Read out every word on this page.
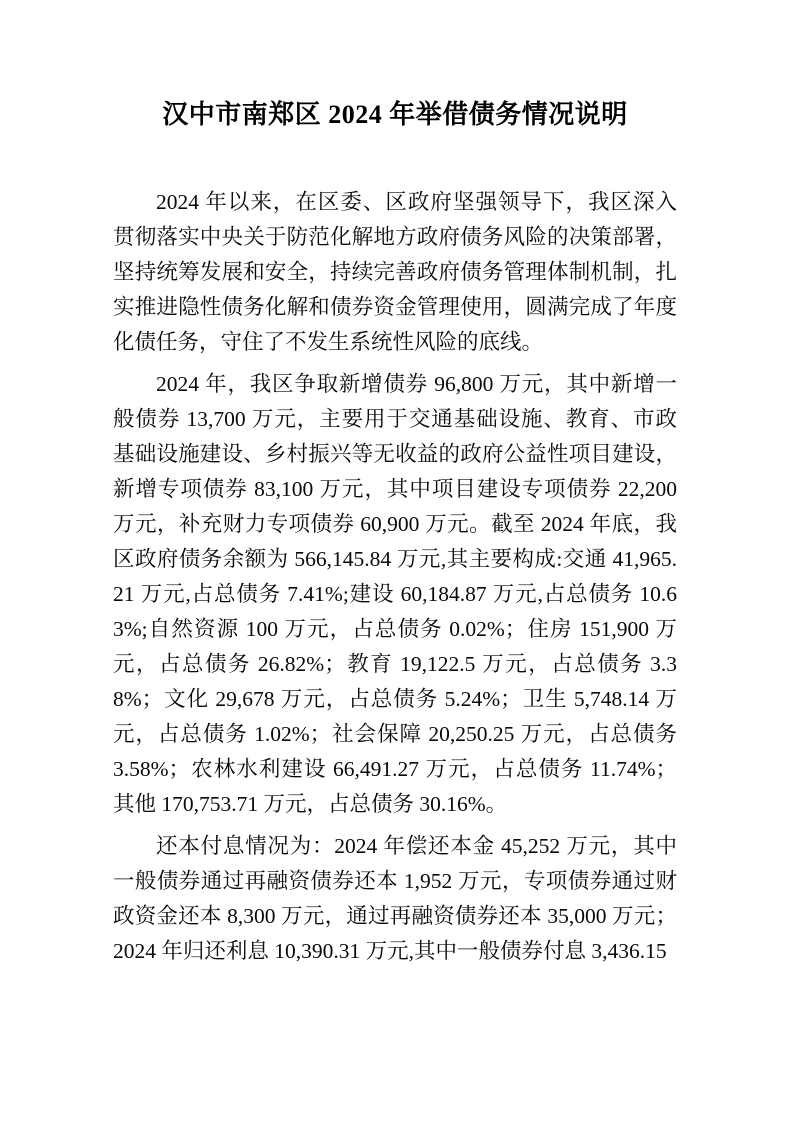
汉中市南郑区 2024 年举借债务情况说明

2024 年以来，在区委、区政府坚强领导下，我区深入贯彻落实中央关于防范化解地方政府债务风险的决策部署，坚持统筹发展和安全，持续完善政府债务管理体制机制，扎实推进隐性债务化解和债券资金管理使用，圆满完成了年度化债任务，守住了不发生系统性风险的底线。

2024 年，我区争取新增债券 96,800 万元，其中新增一般债券 13,700 万元，主要用于交通基础设施、教育、市政基础设施建设、乡村振兴等无收益的政府公益性项目建设，新增专项债券 83,100 万元，其中项目建设专项债券 22,200 万元，补充财力专项债券 60,900 万元。截至 2024 年底，我区政府债务余额为 566,145.84 万元,其主要构成:交通 41,965.21 万元,占总债务 7.41%;建设 60,184.87 万元,占总债务 10.63%;自然资源 100 万元，占总债务 0.02%；住房 151,900 万元，占总债务 26.82%；教育 19,122.5 万元，占总债务 3.38%；文化 29,678 万元，占总债务 5.24%；卫生 5,748.14 万元，占总债务 1.02%；社会保障 20,250.25 万元，占总债务 3.58%；农林水利建设 66,491.27 万元，占总债务 11.74%；其他 170,753.71 万元，占总债务 30.16%。

还本付息情况为：2024 年偿还本金 45,252 万元，其中一般债券通过再融资债券还本 1,952 万元，专项债券通过财政资金还本 8,300 万元，通过再融资债券还本 35,000 万元；2024 年归还利息 10,390.31 万元,其中一般债券付息 3,436.15
